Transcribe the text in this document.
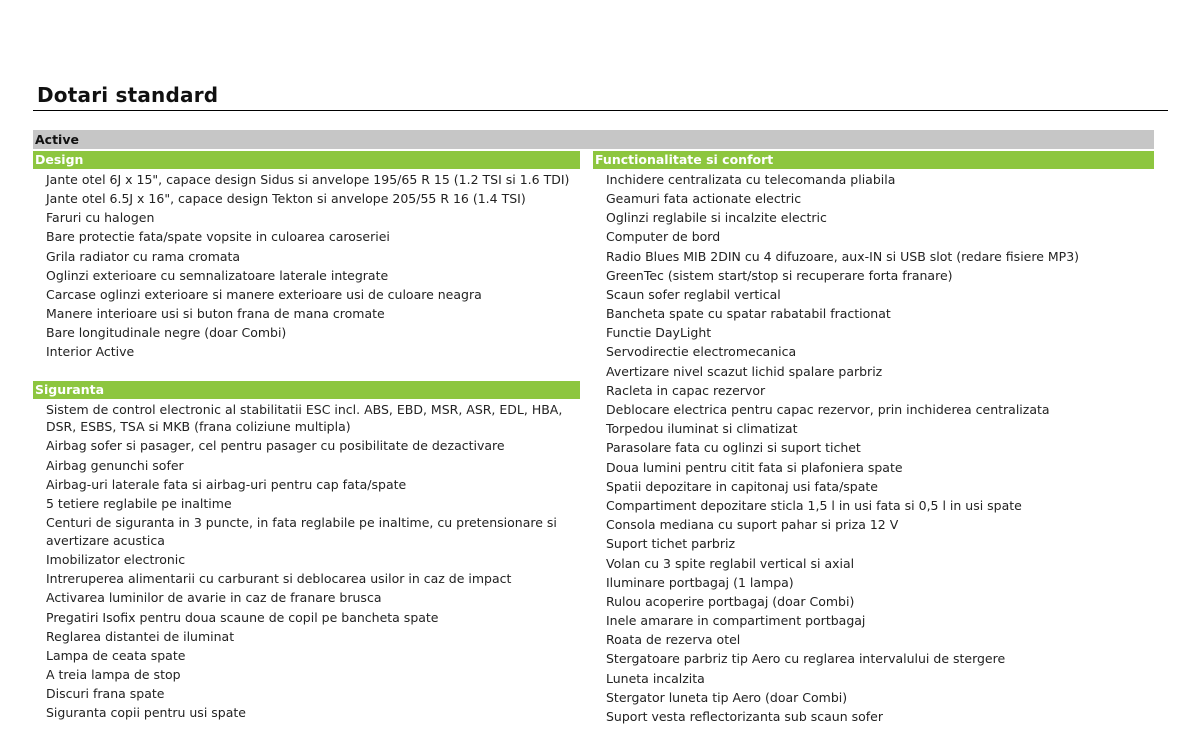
Dotari standard
Active
Design
Jante otel 6J x 15", capace design Sidus si anvelope 195/65 R 15 (1.2 TSI si 1.6 TDI)
Jante otel 6.5J x 16", capace design Tekton si anvelope 205/55 R 16 (1.4 TSI)
Faruri cu halogen
Bare protectie fata/spate vopsite in culoarea caroseriei
Grila radiator cu rama cromata
Oglinzi exterioare cu semnalizatoare laterale integrate
Carcase oglinzi exterioare si manere exterioare usi de culoare neagra
Manere interioare usi si buton frana de mana cromate
Bare longitudinale negre (doar Combi)
Interior Active
Siguranta
Sistem de control electronic al stabilitatii ESC incl. ABS, EBD, MSR, ASR, EDL, HBA, DSR, ESBS, TSA si MKB (frana coliziune multipla)
Airbag sofer si pasager, cel pentru pasager cu posibilitate de dezactivare
Airbag genunchi sofer
Airbag-uri laterale fata si airbag-uri pentru cap fata/spate
5 tetiere reglabile pe inaltime
Centuri de siguranta in 3 puncte, in fata reglabile pe inaltime, cu pretensionare si avertizare acustica
Imobilizator electronic
Intreruperea alimentarii cu carburant si deblocarea usilor in caz de impact
Activarea luminilor de avarie in caz de franare brusca
Pregatiri Isofix pentru doua scaune de copil pe bancheta spate
Reglarea distantei de iluminat
Lampa de ceata spate
A treia lampa de stop
Discuri frana spate
Siguranta copii pentru usi spate
Functionalitate si confort
Inchidere centralizata cu telecomanda pliabila
Geamuri fata actionate electric
Oglinzi reglabile si incalzite electric
Computer de bord
Radio Blues MIB 2DIN cu 4 difuzoare, aux-IN si USB slot (redare fisiere MP3)
GreenTec (sistem start/stop si recuperare forta franare)
Scaun sofer reglabil vertical
Bancheta spate cu spatar rabatabil fractionat
Functie DayLight
Servodirectie electromecanica
Avertizare nivel scazut lichid spalare parbriz
Racleta in capac rezervor
Deblocare electrica pentru capac rezervor, prin inchiderea centralizata
Torpedou iluminat si climatizat
Parasolare fata cu oglinzi si suport tichet
Doua lumini pentru citit fata si plafoniera spate
Spatii depozitare in capitonaj usi fata/spate
Compartiment depozitare sticla 1,5 l in usi fata si 0,5 l in usi spate
Consola mediana cu suport pahar si priza 12 V
Suport tichet parbriz
Volan cu 3 spite reglabil vertical si axial
Iluminare portbagaj (1 lampa)
Rulou acoperire portbagaj (doar Combi)
Inele amarare in compartiment portbagaj
Roata de rezerva otel
Stergatoare parbriz tip Aero cu reglarea intervalului de stergere
Luneta incalzita
Stergator luneta tip Aero (doar Combi)
Suport vesta reflectorizanta sub scaun sofer
